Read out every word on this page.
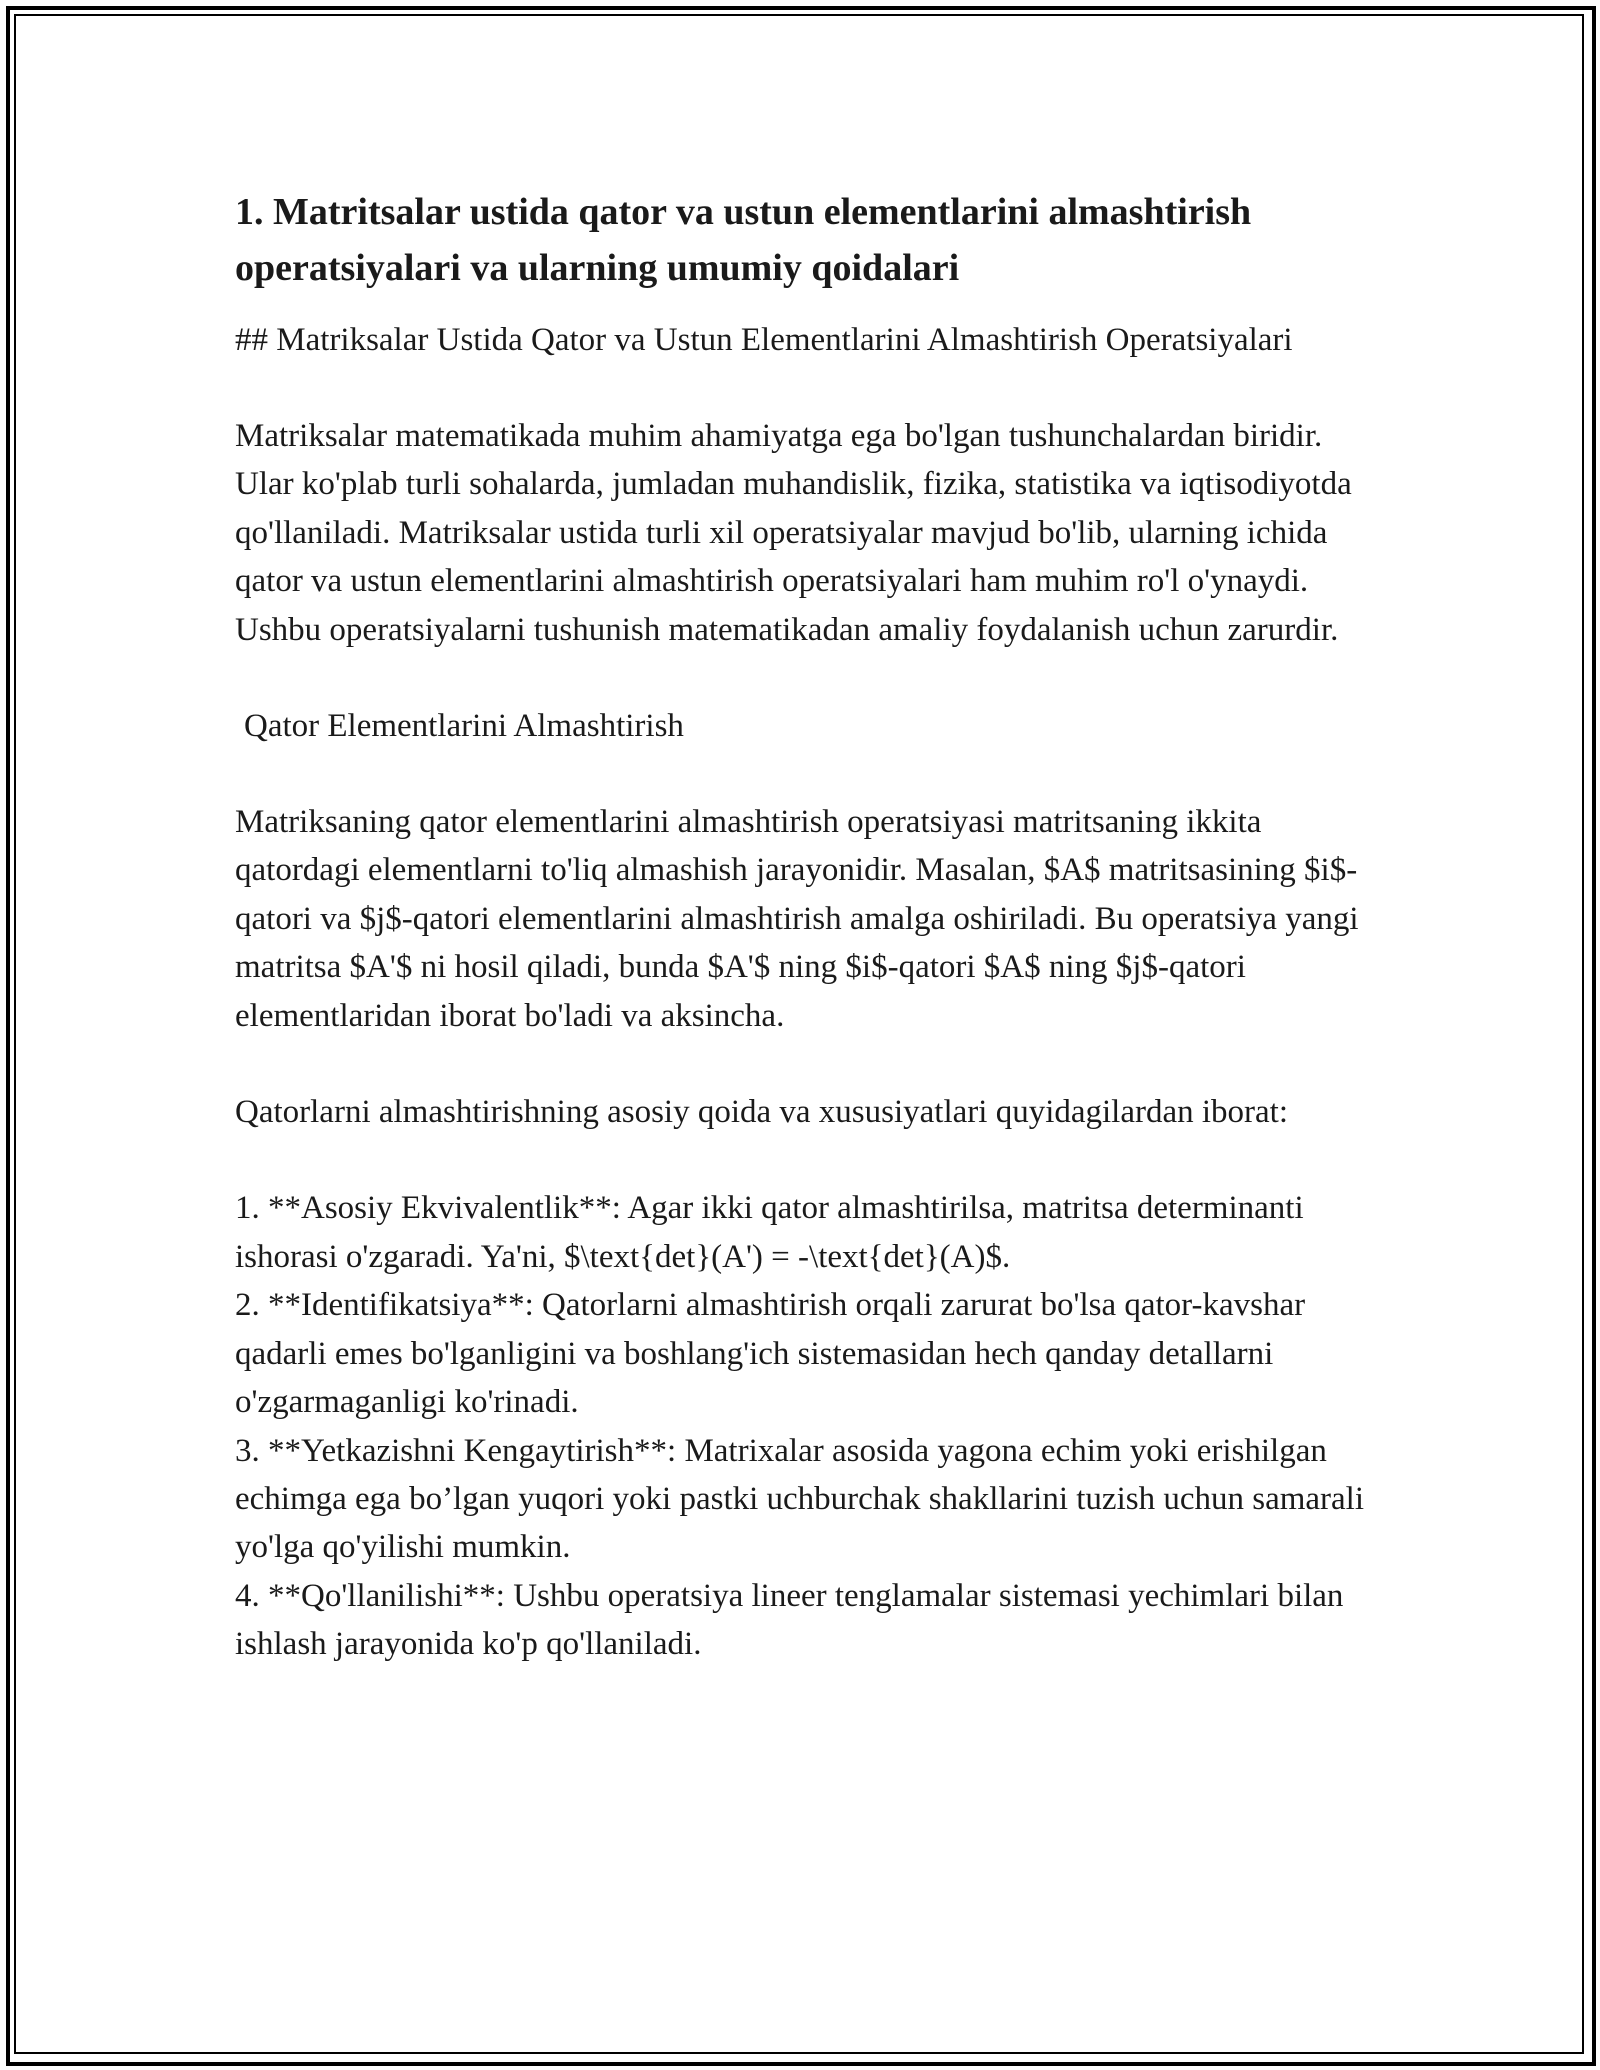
1. Matritsalar ustida qator va ustun elementlarini almashtirish operatsiyalari va ularning umumiy qoidalari

## Matriksalar Ustida Qator va Ustun Elementlarini Almashtirish Operatsiyalari

Matriksalar matematikada muhim ahamiyatga ega bo'lgan tushunchalardan biridir. Ular ko'plab turli sohalarda, jumladan muhandislik, fizika, statistika va iqtisodiyotda qo'llaniladi. Matriksalar ustida turli xil operatsiyalar mavjud bo'lib, ularning ichida qator va ustun elementlarini almashtirish operatsiyalari ham muhim ro'l o'ynaydi. Ushbu operatsiyalarni tushunish matematikadan amaliy foydalanish uchun zarurdir.

Qator Elementlarini Almashtirish

Matriksaning qator elementlarini almashtirish operatsiyasi matritsaning ikkita qatordagi elementlarni to'liq almashish jarayonidir. Masalan, $A$ matritsasining $i$-qatori va $j$-qatori elementlarini almashtirish amalga oshiriladi. Bu operatsiya yangi matritsa $A'$ ni hosil qiladi, bunda $A'$ ning $i$-qatori $A$ ning $j$-qatori elementlaridan iborat bo'ladi va aksincha.

Qatorlarni almashtirishning asosiy qoida va xususiyatlari quyidagilardan iborat:

1. **Asosiy Ekvivalentlik**: Agar ikki qator almashtirilsa, matritsa determinanti ishorasi o'zgaradi. Ya'ni, $\text{det}(A') = -\text{det}(A)$.
2. **Identifikatsiya**: Qatorlarni almashtirish orqali zarurat bo'lsa qator-kavshar qadarli emes bo'lganligini va boshlang'ich sistemasidan hech qanday detallarni o'zgarmaganligi ko'rinadi.
3. **Yetkazishni Kengaytirish**: Matrixalar asosida yagona echim yoki erishilgan echimga ega bo’lgan yuqori yoki pastki uchburchak shakllarini tuzish uchun samarali yo'lga qo'yilishi mumkin.
4. **Qo'llanilishi**: Ushbu operatsiya lineer tenglamalar sistemasi yechimlari bilan ishlash jarayonida ko'p qo'llaniladi.
